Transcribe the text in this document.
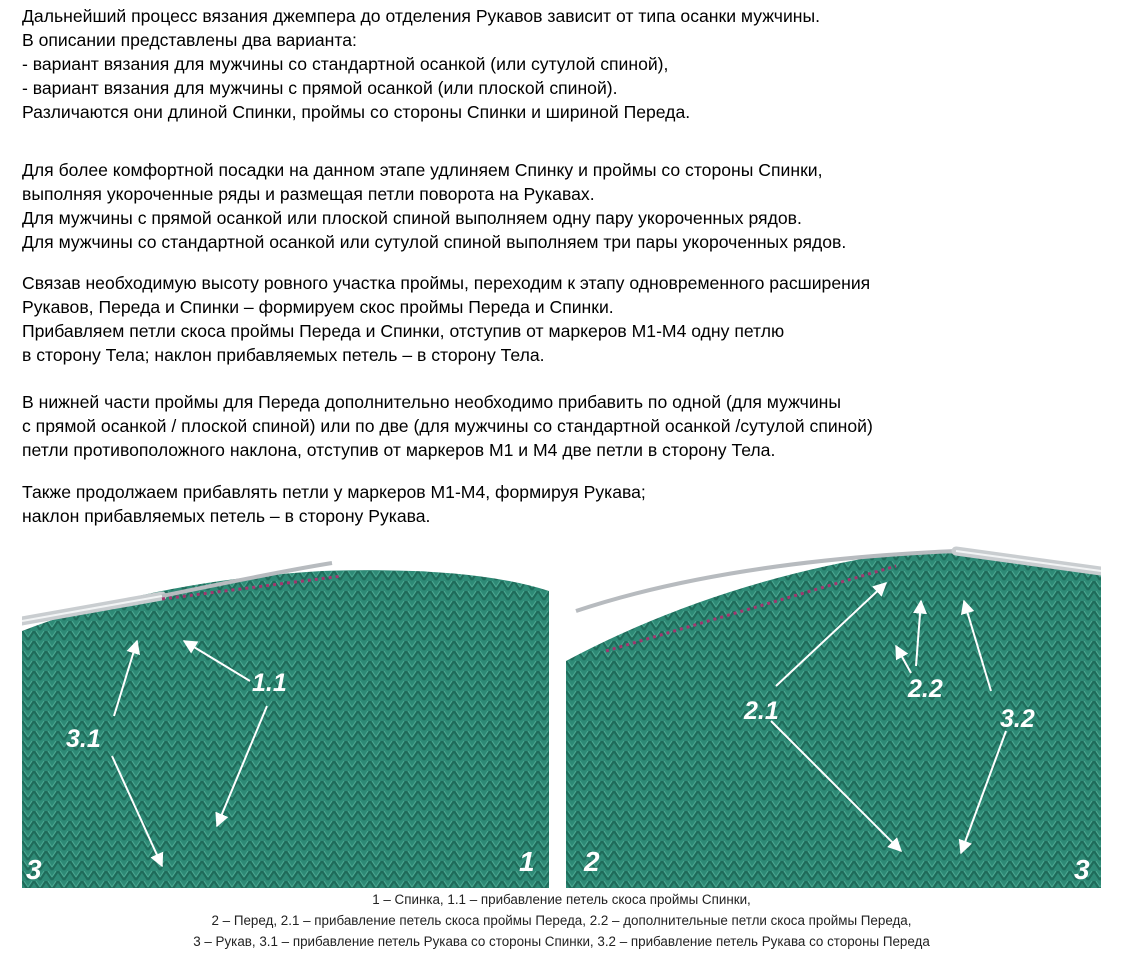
Дальнейший процесс вязания джемпера до отделения Рукавов зависит от типа осанки мужчины.
В описании представлены два варианта:
- вариант вязания для мужчины со стандартной осанкой (или сутулой спиной),
- вариант вязания для мужчины с прямой осанкой (или плоской спиной).
Различаются они длиной Спинки, проймы со стороны Спинки и шириной Переда.
Для более комфортной посадки на данном этапе удлиняем Спинку и проймы со стороны Спинки,
выполняя укороченные ряды и размещая петли поворота на Рукавах.
Для мужчины с прямой осанкой или плоской спиной выполняем одну пару укороченных рядов.
Для мужчины со стандартной осанкой или сутулой спиной выполняем три пары укороченных рядов.
Связав необходимую высоту ровного участка проймы, переходим к этапу одновременного расширения
Рукавов, Переда и Спинки – формируем скос проймы Переда и Спинки.
Прибавляем петли скоса проймы Переда и Спинки, отступив от маркеров М1-М4 одну петлю
в сторону Тела; наклон прибавляемых петель – в сторону Тела.
В нижней части проймы для Переда дополнительно необходимо прибавить по одной (для мужчины
с прямой осанкой / плоской спиной) или по две (для мужчины со стандартной осанкой /сутулой спиной)
петли противоположного наклона, отступив от маркеров М1 и М4 две петли в сторону Тела.
Также продолжаем прибавлять петли у маркеров М1-М4, формируя Рукава;
наклон прибавляемых петель – в сторону Рукава.
3.1
1.1
3	1
2.1
2.2
3.2
2	3
1 – Спинка, 1.1 – прибавление петель скоса проймы Спинки,
2 – Перед, 2.1 – прибавление петель скоса проймы Переда, 2.2 – дополнительные петли скоса проймы Переда,
3 – Рукав, 3.1 – прибавление петель Рукава со стороны Спинки, 3.2 – прибавление петель Рукава со стороны Переда
